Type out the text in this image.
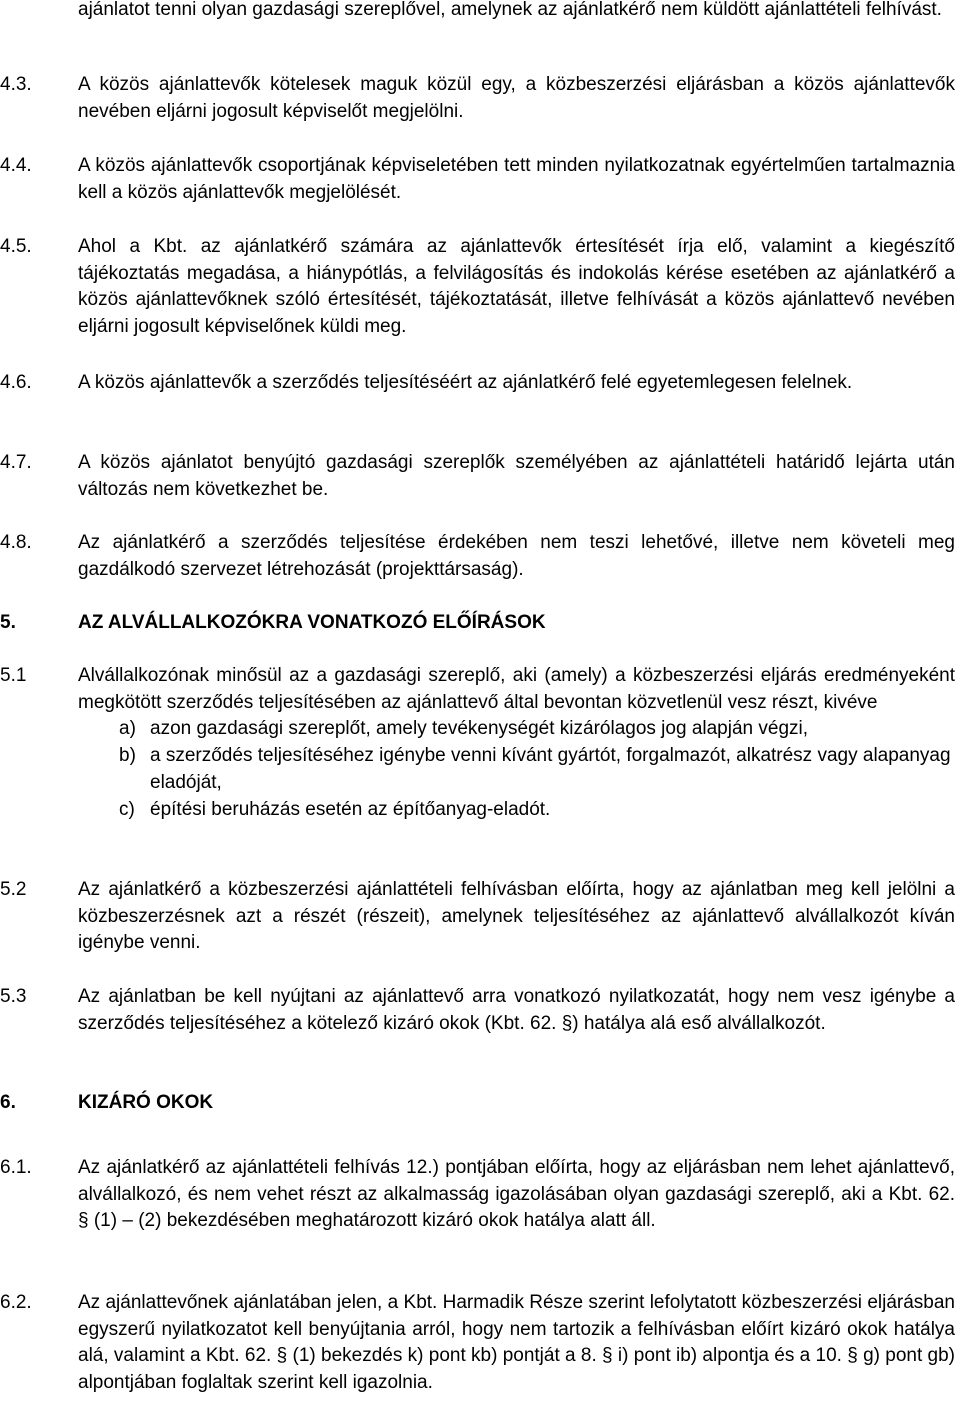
ajánlatot tenni olyan gazdasági szereplővel, amelynek az ajánlatkérő nem küldött ajánlattételi felhívást.
4.3. A közös ajánlattevők kötelesek maguk közül egy, a közbeszerzési eljárásban a közös ajánlattevők nevében eljárni jogosult képviselőt megjelölni.
4.4. A közös ajánlattevők csoportjának képviseletében tett minden nyilatkozatnak egyértelműen tartalmaznia kell a közös ajánlattevők megjelölését.
4.5. Ahol a Kbt. az ajánlatkérő számára az ajánlattevők értesítését írja elő, valamint a kiegészítő tájékoztatás megadása, a hiánypótlás, a felvilágosítás és indokolás kérése esetében az ajánlatkérő a közös ajánlattevőknek szóló értesítését, tájékoztatását, illetve felhívását a közös ajánlattevő nevében eljárni jogosult képviselőnek küldi meg.
4.6. A közös ajánlattevők a szerződés teljesítéséért az ajánlatkérő felé egyetemlegesen felelnek.
4.7. A közös ajánlatot benyújtó gazdasági szereplők személyében az ajánlattételi határidő lejárta után változás nem következhet be.
4.8. Az ajánlatkérő a szerződés teljesítése érdekében nem teszi lehetővé, illetve nem követeli meg gazdálkodó szervezet létrehozását (projekttársaság).
5.	AZ ALVÁLLALKOZÓKRA VONATKOZÓ ELŐÍRÁSOK
5.1	Alvállalkozónak minősül az a gazdasági szereplő, aki (amely) a közbeszerzési eljárás eredményeként megkötött szerződés teljesítésében az ajánlattevő által bevontan közvetlenül vesz részt, kivéve
a) azon gazdasági szereplőt, amely tevékenységét kizárólagos jog alapján végzi,
b) a szerződés teljesítéséhez igénybe venni kívánt gyártót, forgalmazót, alkatrész vagy alapanyag eladóját,
c) építési beruházás esetén az építőanyag-eladót.
5.2	Az ajánlatkérő a közbeszerzési ajánlattételi felhívásban előírta, hogy az ajánlatban meg kell jelölni a közbeszerzésnek azt a részét (részeit), amelynek teljesítéséhez az ajánlattevő alvállalkozót kíván igénybe venni.
5.3	Az ajánlatban be kell nyújtani az ajánlattevő arra vonatkozó nyilatkozatát, hogy nem vesz igénybe a szerződés teljesítéséhez a kötelező kizáró okok (Kbt. 62. §) hatálya alá eső alvállalkozót.
6.	KIZÁRÓ OKOK
6.1. Az ajánlatkérő az ajánlattételi felhívás 12.) pontjában előírta, hogy az eljárásban nem lehet ajánlattevő, alvállalkozó, és nem vehet részt az alkalmasság igazolásában olyan gazdasági szereplő, aki a Kbt. 62. § (1) – (2) bekezdésében meghatározott kizáró okok hatálya alatt áll.
6.2. Az ajánlattevőnek ajánlatában jelen, a Kbt. Harmadik Része szerint lefolytatott közbeszerzési eljárásban egyszerű nyilatkozatot kell benyújtania arról, hogy nem tartozik a felhívásban előírt kizáró okok hatálya alá, valamint a Kbt. 62. § (1) bekezdés k) pont kb) pontját a 8. § i) pont ib) alpontja és a 10. § g) pont gb) alpontjában foglaltak szerint kell igazolnia.
